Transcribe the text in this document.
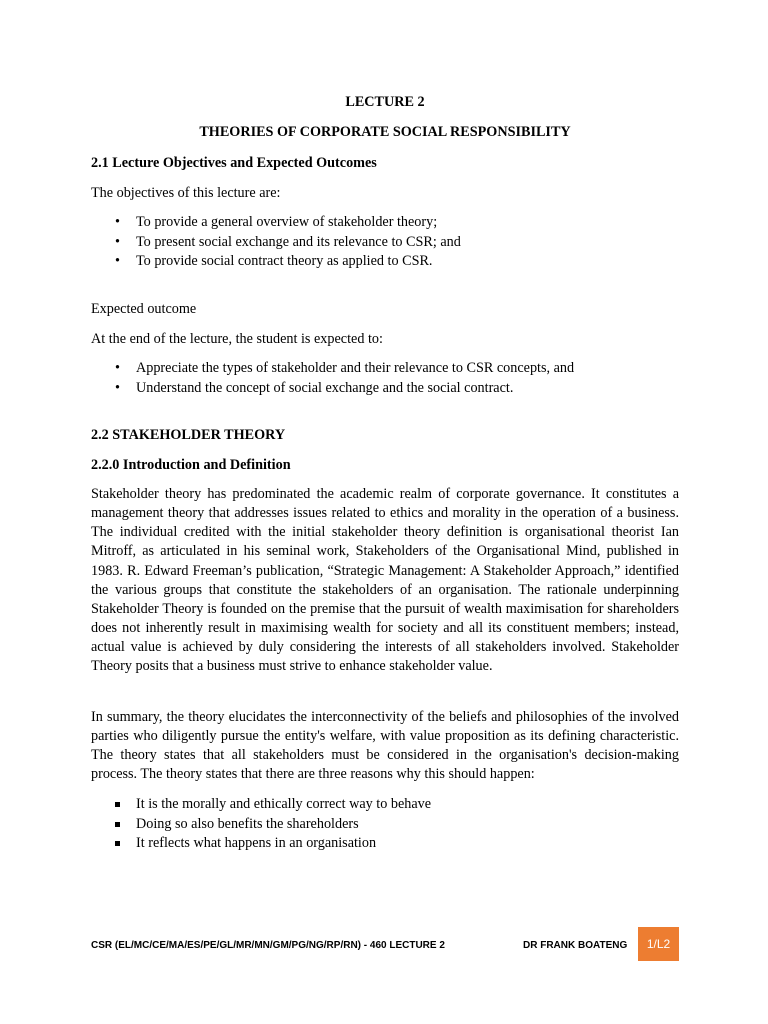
LECTURE 2
THEORIES OF CORPORATE SOCIAL RESPONSIBILITY
2.1 Lecture Objectives and Expected Outcomes
The objectives of this lecture are:
• To provide a general overview of stakeholder theory;
• To present social exchange and its relevance to CSR; and
• To provide social contract theory as applied to CSR.
Expected outcome
At the end of the lecture, the student is expected to:
• Appreciate the types of stakeholder and their relevance to CSR concepts, and
• Understand the concept of social exchange and the social contract.
2.2 STAKEHOLDER THEORY
2.2.0 Introduction and Definition

Stakeholder theory has predominated the academic realm of corporate governance. It constitutes a management theory that addresses issues related to ethics and morality in the operation of a business. The individual credited with the initial stakeholder theory definition is organisational theorist Ian Mitroff, as articulated in his seminal work, Stakeholders of the Organisational Mind, published in 1983. R. Edward Freeman’s publication, “Strategic Management: A Stakeholder Approach,” identified the various groups that constitute the stakeholders of an organisation. The rationale underpinning Stakeholder Theory is founded on the premise that the pursuit of wealth maximisation for shareholders does not inherently result in maximising wealth for society and all its constituent members; instead, actual value is achieved by duly considering the interests of all stakeholders involved. Stakeholder Theory posits that a business must strive to enhance stakeholder value.

In summary, the theory elucidates the interconnectivity of the beliefs and philosophies of the involved parties who diligently pursue the entity's welfare, with value proposition as its defining characteristic. The theory states that all stakeholders must be considered in the organisation's decision-making process. The theory states that there are three reasons why this should happen:

It is the morally and ethically correct way to behave
Doing so also benefits the shareholders
It reflects what happens in an organisation
CSR (EL/MC/CE/MA/ES/PE/GL/MR/MN/GM/PG/NG/RP/RN) - 460 LECTURE 2	DR FRANK BOATENG	1/L2
